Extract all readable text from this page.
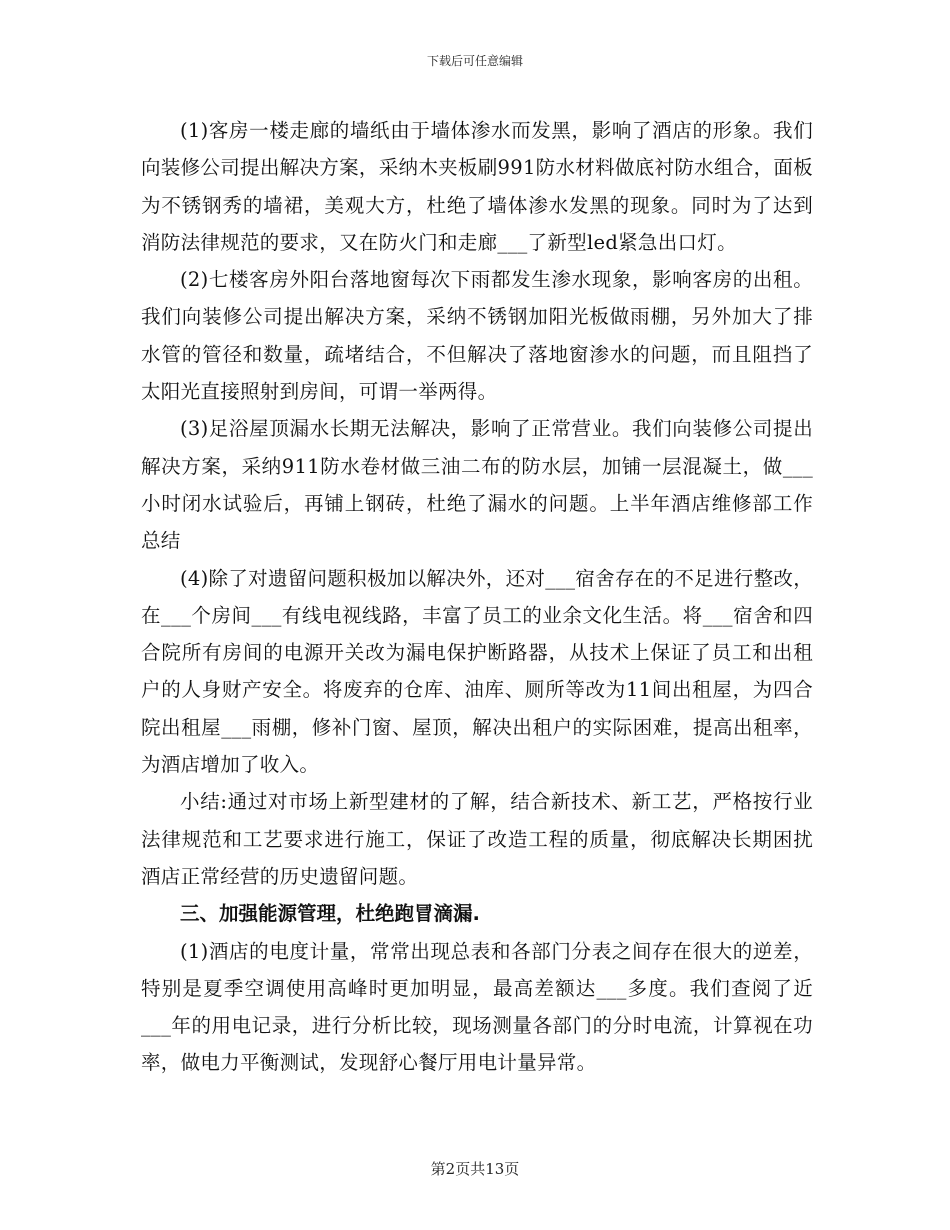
下载后可任意编辑

(1)客房一楼走廊的墙纸由于墙体渗水而发黑，影响了酒店的形象。我们向装修公司提出解决方案，采纳木夹板刷991防水材料做底衬防水组合，面板为不锈钢秀的墙裙，美观大方，杜绝了墙体渗水发黑的现象。同时为了达到消防法律规范的要求，又在防火门和走廊___了新型led紧急出口灯。

(2)七楼客房外阳台落地窗每次下雨都发生渗水现象，影响客房的出租。我们向装修公司提出解决方案，采纳不锈钢加阳光板做雨棚，另外加大了排水管的管径和数量，疏堵结合，不但解决了落地窗渗水的问题，而且阻挡了太阳光直接照射到房间，可谓一举两得。

(3)足浴屋顶漏水长期无法解决，影响了正常营业。我们向装修公司提出解决方案，采纳911防水卷材做三油二布的防水层，加铺一层混凝土，做___小时闭水试验后，再铺上钢砖，杜绝了漏水的问题。上半年酒店维修部工作总结

(4)除了对遗留问题积极加以解决外，还对___宿舍存在的不足进行整改，在___个房间___有线电视线路，丰富了员工的业余文化生活。将___宿舍和四合院所有房间的电源开关改为漏电保护断路器，从技术上保证了员工和出租户的人身财产安全。将废弃的仓库、油库、厕所等改为11间出租屋，为四合院出租屋___雨棚，修补门窗、屋顶，解决出租户的实际困难，提高出租率，为酒店增加了收入。

小结:通过对市场上新型建材的了解，结合新技术、新工艺，严格按行业法律规范和工艺要求进行施工，保证了改造工程的质量，彻底解决长期困扰酒店正常经营的历史遗留问题。

三、加强能源管理，杜绝跑冒滴漏.

(1)酒店的电度计量，常常出现总表和各部门分表之间存在很大的逆差，特别是夏季空调使用高峰时更加明显，最高差额达___多度。我们查阅了近___年的用电记录，进行分析比较，现场测量各部门的分时电流，计算视在功率，做电力平衡测试，发现舒心餐厅用电计量异常。

第2页共13页
